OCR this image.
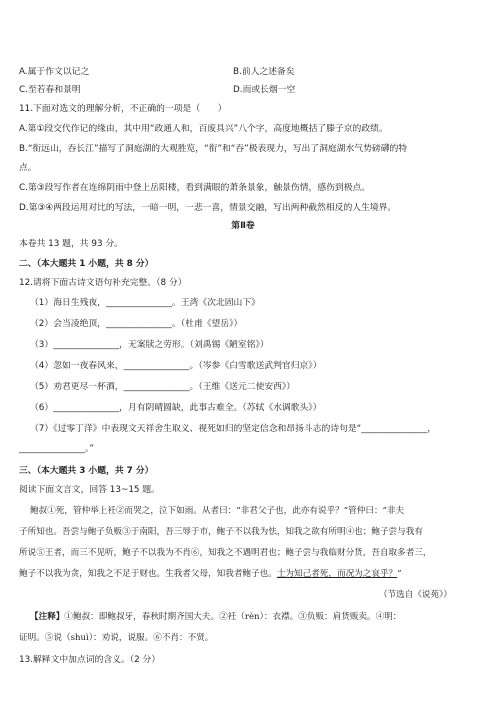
A.属于作文以记之	B.前人之述备矣
C.至若春和景明	D.而或长烟一空
11.下面对选文的理解分析，不正确的一项是（　　）
A.第①段交代作记的缘由，其中用“政通人和，百废具兴”八个字，高度地概括了滕子京的政绩。
B.“衔远山，吞长江”描写了洞庭湖的大观胜览，“衔”和“吞”极表现力，写出了洞庭湖水气势磅礴的特
点。
C.第③段写作者在连绵阴雨中登上岳阳楼，看到满眼的萧条景象，触景伤情，感伤到极点。
D.第③④两段运用对比的写法，一暗一明，一悲一喜，情景交融，写出两种截然相反的人生境界。
第Ⅱ卷
本卷共 13 题，共 93 分。
二、（本大题共 1 小题，共 8 分）
12.请将下面古诗文语句补充完整。（8 分）
（1）海日生残夜，_______________。王湾《次北固山下》
（2）会当凌绝顶，_______________。（杜甫《望岳》）
（3）_______________，无案牍之劳形。（刘禹锡《陋室铭》）
（4）忽如一夜春风来，_______________。（岑参《白雪歌送武判官归京》）
（5）劝君更尽一杯酒，_______________。（王维《送元二使安西》）
（6）_______________，月有阴晴圆缺，此事古难全。（苏轼《水调歌头》）
（7）《过零丁洋》中表现文天祥舍生取义、视死如归的坚定信念和昂扬斗志的诗句是“_______________，
_______________。”
三、（本大题共 3 小题，共 7 分）
阅读下面文言文，回答 13~15 题。
鲍叔①死，管仲举上衽②而哭之，泣下如雨。从者曰：“非君父子也，此亦有说乎？”管仲曰：“非夫
子所知也。吾尝与鲍子负贩③于南阳，吾三辱于市，鲍子不以我为怯，知我之欲有所明④也；鲍子尝与我有
所说⑤王者，而三不见听，鲍子不以我为不肖⑥，知我之不遇明君也；鲍子尝与我临财分货，吾自取多者三，
鲍子不以我为贪，知我之不足于财也。生我者父母，知我者鲍子也。士为知己者死，而况为之哀乎？”
（节选自《说苑》）
【注释】①鲍叔：即鲍叔牙，春秋时期齐国大夫。②衽（rèn）：衣襟。③负贩：肩货贩卖。④明：
证明。⑤说（shuì）：劝说，说服。⑥不肖：不贤。
13.解释文中加点词的含义。（2 分）
